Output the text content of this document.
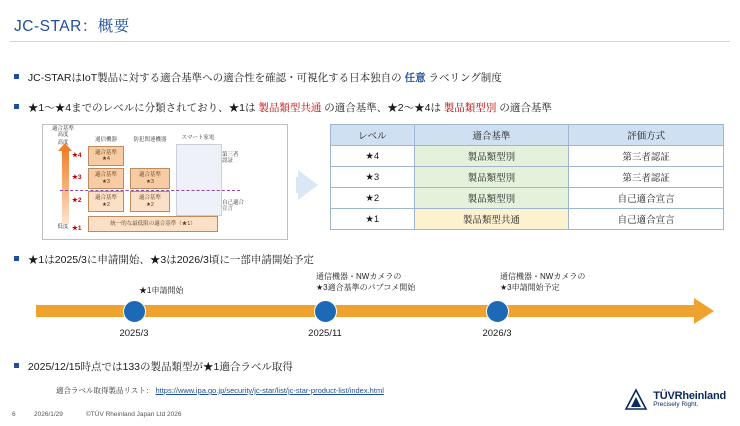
JC-STAR：概要
JC-STARはIoT製品に対する適合基準への適合性を確認・可視化する日本独自の 任意 ラベリング制度
★1～★4までのレベルに分類されており、★1は 製品類型共通 の適合基準、★2～★4は 製品類型別 の適合基準
適合基準
高度
低度
★4
★3
★2
★1
通信機器	防犯関連機器	スマート家電
適合基準
★4
適合基準
★3
適合基準
★3
適合基準
★2
適合基準
★2
統一的な最低限の適合基準（★1）
第三者
認証
自己適合
宣言
レベル	適合基準	評価方式
★4	製品類型別	第三者認証
★3	製品類型別	第三者認証
★2	製品類型別	自己適合宣言
★1	製品類型共通	自己適合宣言
★1は2025/3に申請開始、★3は2026/3頃に一部申請開始予定
2025/3	2025/11	2026/3
★1申請開始
通信機器・NWカメラの
★3適合基準のパブコメ開始
通信機器・NWカメラの
★3申請開始予定
2025/12/15時点では133の製品類型が★1適合ラベル取得
適合ラベル取得製品リスト： https://www.ipa.go.jp/security/jc-star/list/jc-star-product-list/index.html
6	2026/1/29	©TÜV Rheinland Japan Ltd 2026
TÜVRheinland
Precisely Right.
